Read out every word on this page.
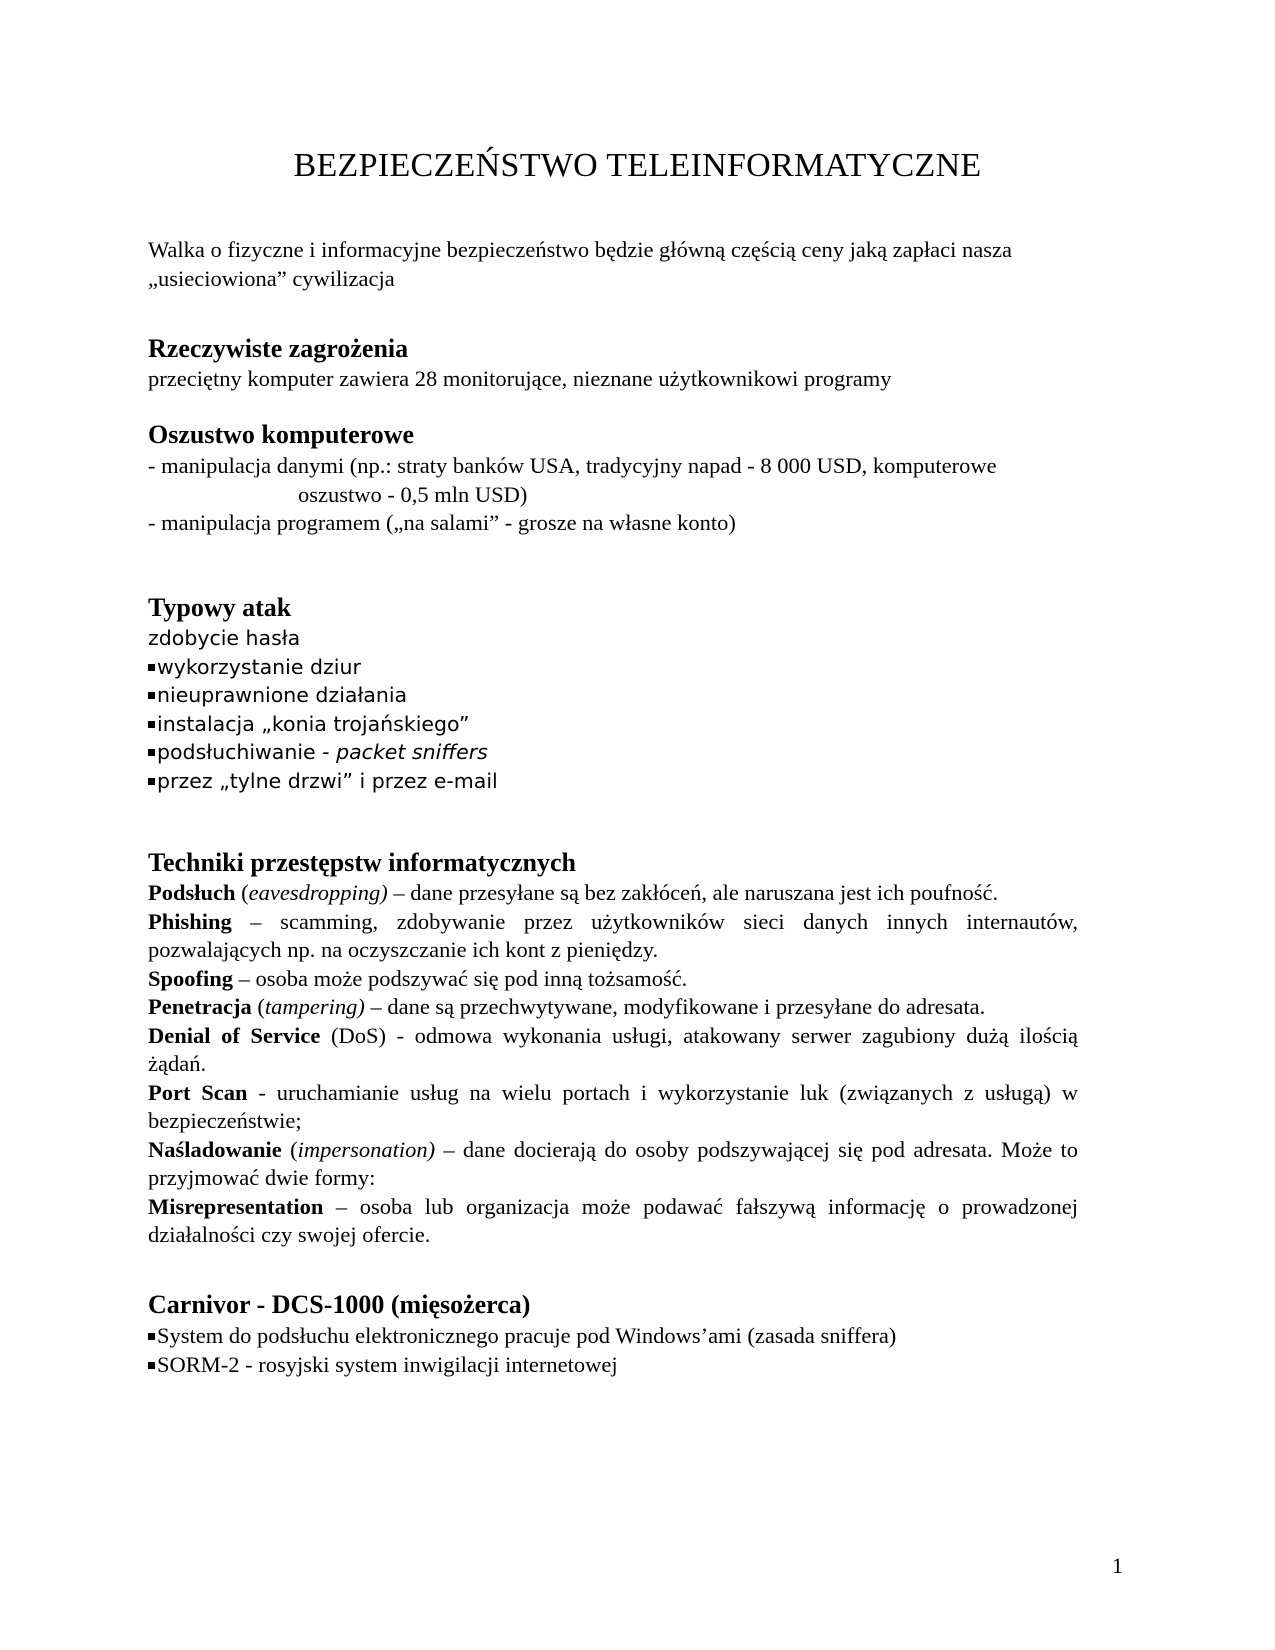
BEZPIECZEŃSTWO TELEINFORMATYCZNE

Walka o fizyczne i informacyjne bezpieczeństwo będzie główną częścią ceny jaką zapłaci nasza

„usieciowiona” cywilizacja

Rzeczywiste zagrożenia

przeciętny komputer zawiera 28 monitorujące, nieznane użytkownikowi programy

Oszustwo komputerowe

- manipulacja danymi (np.: straty banków USA, tradycyjny napad - 8 000 USD, komputerowe

oszustwo - 0,5 mln USD)

- manipulacja programem („na salami” - grosze na własne konto)

Typowy atak

zdobycie hasła

wykorzystanie dziur

nieuprawnione działania

instalacja „konia trojańskiego”

podsłuchiwanie - packet sniffers

przez „tylne drzwi” i przez e-mail

Techniki przestępstw informatycznych

Podsłuch (eavesdropping) – dane przesyłane są bez zakłóceń, ale naruszana jest ich poufność.

Phishing – scamming, zdobywanie przez użytkowników sieci danych innych internautów, pozwalających np. na oczyszczanie ich kont z pieniędzy.

Spoofing – osoba może podszywać się pod inną tożsamość.

Penetracja (tampering) – dane są przechwytywane, modyfikowane i przesyłane do adresata.

Denial of Service (DoS) - odmowa wykonania usługi, atakowany serwer zagubiony dużą ilością żądań.

Port Scan - uruchamianie usług na wielu portach i wykorzystanie luk (związanych z usługą) w bezpieczeństwie;

Naśladowanie (impersonation) – dane docierają do osoby podszywającej się pod adresata. Może to przyjmować dwie formy:

Misrepresentation – osoba lub organizacja może podawać fałszywą informację o prowadzonej działalności czy swojej ofercie.

Carnivor - DCS-1000 (mięsożerca)

System do podsłuchu elektronicznego pracuje pod Windows’ami (zasada sniffera)

SORM-2 - rosyjski system inwigilacji internetowej

1
